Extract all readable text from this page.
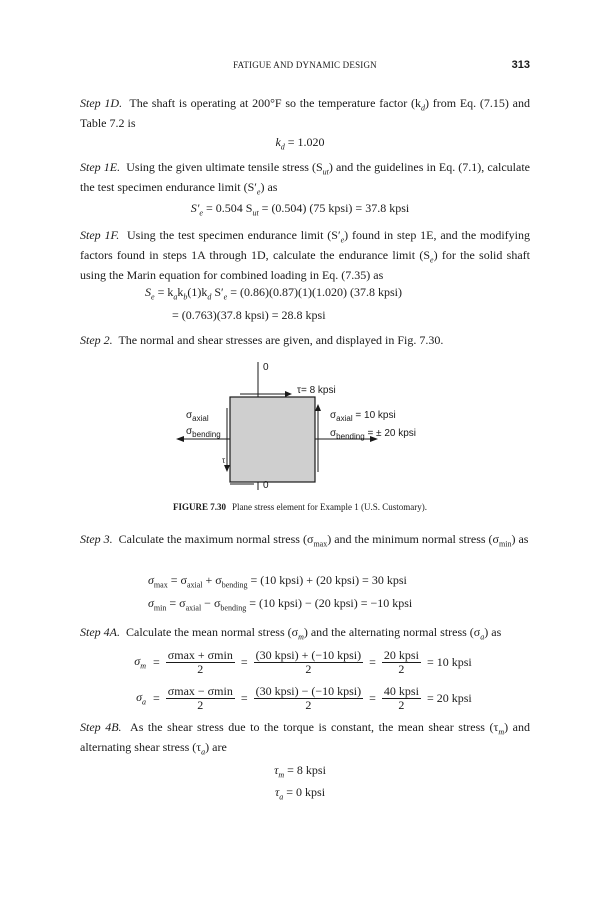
FATIGUE AND DYNAMIC DESIGN	313

Step 1D. The shaft is operating at 200°F so the temperature factor $(k_d)$ from Eq. (7.15) and Table 7.2 is

$k_d = 1.020$

Step 1E. Using the given ultimate tensile stress $(S_{ut})$ and the guidelines in Eq. (7.1), calculate the test specimen endurance limit $(S'_e)$ as

$S'_e = 0.504$ $S_{ut} = (0.504)$ (75 kpsi) = 37.8 kpsi

Step 1F. Using the test specimen endurance limit $(S'_e)$ found in step 1E, and the modifying factors found in steps 1A through 1D, calculate the endurance limit $(S_e)$ for the solid shaft using the Marin equation for combined loading in Eq. (7.35) as

$S_e = k_ak_b(1)k_d$ $S'_e = (0.86)(0.87)(1)(1.020)$ (37.8 kpsi)
= (0.763)(37.8 kpsi) = 28.8 kpsi

Step 2. The normal and shear stresses are given, and displayed in Fig. 7.30.

0
0
τ= 8 kpsi
$\sigma_{axial}$
$\sigma_{bending}$
$\sigma_{axial} = 10$ kpsi
$\sigma_{bending}$ = ± 20 kpsi
τ
FIGURE 7.30 Plane stress element for Example 1 (U.S. Customary).

Step 3. Calculate the maximum normal stress $(\sigma_{max})$ and the minimum normal stress $(\sigma_{min})$ as

$\sigma_{max} = \sigma_{axial} + \sigma_{bending} = (10$ kpsi) + (20 kpsi) = 30 kpsi
$\sigma_{min} = \sigma_{axial} - \sigma_{bending} = (10$ kpsi) − (20 kpsi) = −10 kpsi

Step 4A. Calculate the mean normal stress $(\sigma_m)$ and the alternating normal stress $(\sigma_a)$ as

$\sigma_m = \frac{\sigma\max + \sigma\min}{2} = \frac{\text{(30 kpsi) + (−10 kpsi)}}{2} = \frac{\text{20 kpsi}}{2} = 10$ kpsi
$\sigma_a = \frac{\sigma\max - \sigma\min}{2} = \frac{\text{(30 kpsi) − (−10 kpsi)}}{2} = \frac{\text{40 kpsi}}{2} = 20$ kpsi

Step 4B. As the shear stress due to the torque is constant, the mean shear stress $(\tau_m)$ and alternating shear stress $(\tau_a)$ are

$\tau_m = 8$ kpsi
$\tau_a = 0$ kpsi
